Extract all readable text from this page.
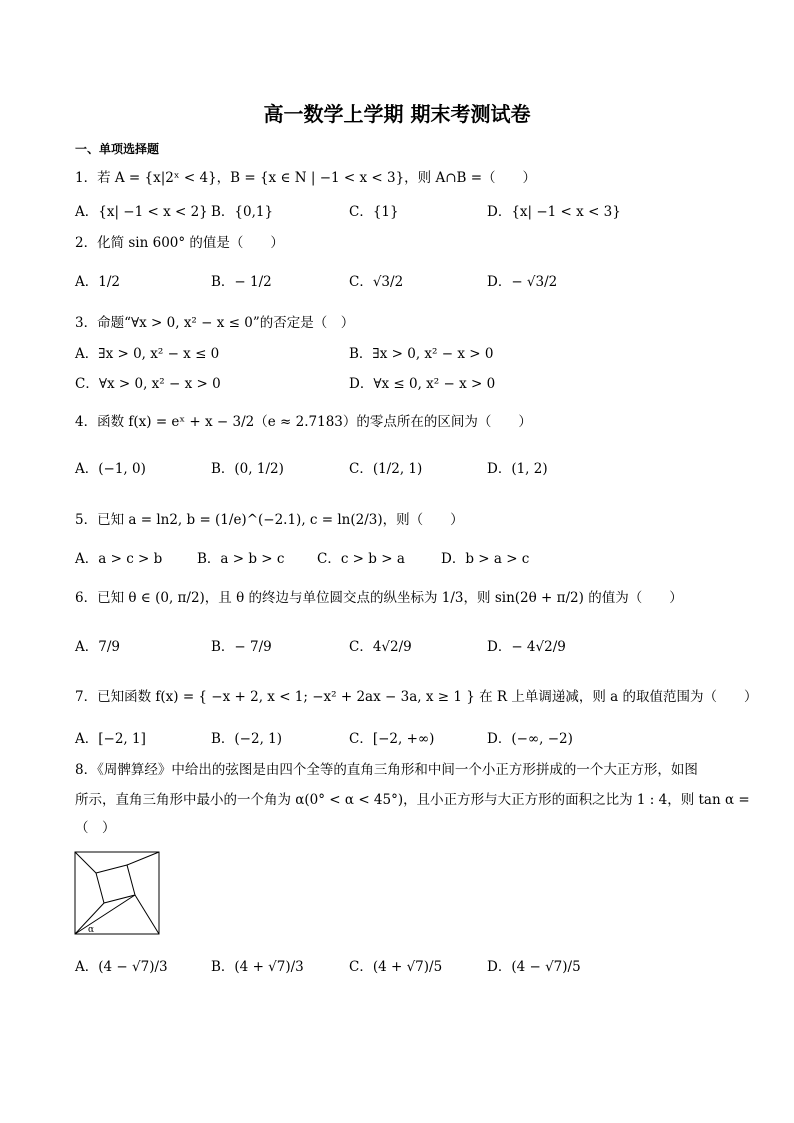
高一数学上学期 期末考测试卷
一、单项选择题
1．若 A = {x|2ˣ < 4}，B = {x ∈ N | −1 < x < 3}，则 A∩B =（　　）
A．{x| −1 < x < 2} B．{0,1}	C．{1}	D．{x| −1 < x < 3}
2．化简 sin 600° 的值是（　　）
A．1/2	B．− 1/2	C．√3/2	D．− √3/2
3．命题“∀x > 0, x² − x ≤ 0”的否定是（　）
A．∃x > 0, x² − x ≤ 0	B．∃x > 0, x² − x > 0
C．∀x > 0, x² − x > 0	D．∀x ≤ 0, x² − x > 0
4．函数 f(x) = eˣ + x − 3/2（e ≈ 2.7183）的零点所在的区间为（　　）
A．(−1, 0)	B．(0, 1/2)	C．(1/2, 1)	D．(1, 2)
5．已知 a = ln2, b = (1/e)^(−2.1), c = ln(2/3)，则（　　）
A．a > c > b	B．a > b > c C．c > b > a	D．b > a > c
6．已知 θ ∈ (0, π/2)，且 θ 的终边与单位圆交点的纵坐标为 1/3，则 sin(2θ + π/2) 的值为（　　）
A．7/9	B．− 7/9	C．4√2/9	D．− 4√2/9
7．已知函数 f(x) = { −x + 2, x < 1; −x² + 2ax − 3a, x ≥ 1 } 在 R 上单调递减，则 a 的取值范围为（　　）
A．[−2, 1]	B．(−2, 1)	C．[−2, +∞)	D．(−∞, −2)
8．《周髀算经》中给出的弦图是由四个全等的直角三角形和中间一个小正方形拼成的一个大正方形，如图
所示，直角三角形中最小的一个角为 α(0° < α < 45°)，且小正方形与大正方形的面积之比为 1 : 4，则 tan α =
（　）
α
A．(4 − √7)/3	B．(4 + √7)/3	C．(4 + √7)/5	D．(4 − √7)/5
